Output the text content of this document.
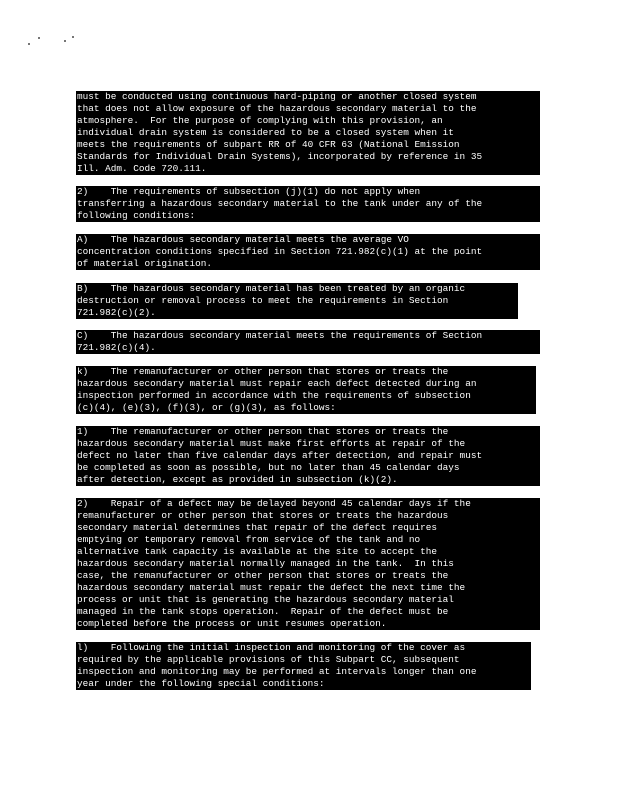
must be conducted using continuous hard-piping or another closed system
that does not allow exposure of the hazardous secondary material to the
atmosphere.  For the purpose of complying with this provision, an
individual drain system is considered to be a closed system when it
meets the requirements of subpart RR of 40 CFR 63 (National Emission
Standards for Individual Drain Systems), incorporated by reference in 35
Ill. Adm. Code 720.111.
2)    The requirements of subsection (j)(1) do not apply when
transferring a hazardous secondary material to the tank under any of the
following conditions:
A)    The hazardous secondary material meets the average VO
concentration conditions specified in Section 721.982(c)(1) at the point
of material origination.
B)    The hazardous secondary material has been treated by an organic
destruction or removal process to meet the requirements in Section
721.982(c)(2).
C)    The hazardous secondary material meets the requirements of Section
721.982(c)(4).
k)    The remanufacturer or other person that stores or treats the
hazardous secondary material must repair each defect detected during an
inspection performed in accordance with the requirements of subsection
(c)(4), (e)(3), (f)(3), or (g)(3), as follows:
1)    The remanufacturer or other person that stores or treats the
hazardous secondary material must make first efforts at repair of the
defect no later than five calendar days after detection, and repair must
be completed as soon as possible, but no later than 45 calendar days
after detection, except as provided in subsection (k)(2).
2)    Repair of a defect may be delayed beyond 45 calendar days if the
remanufacturer or other person that stores or treats the hazardous
secondary material determines that repair of the defect requires
emptying or temporary removal from service of the tank and no
alternative tank capacity is available at the site to accept the
hazardous secondary material normally managed in the tank.  In this
case, the remanufacturer or other person that stores or treats the
hazardous secondary material must repair the defect the next time the
process or unit that is generating the hazardous secondary material
managed in the tank stops operation.  Repair of the defect must be
completed before the process or unit resumes operation.
l)    Following the initial inspection and monitoring of the cover as
required by the applicable provisions of this Subpart CC, subsequent
inspection and monitoring may be performed at intervals longer than one
year under the following special conditions:
